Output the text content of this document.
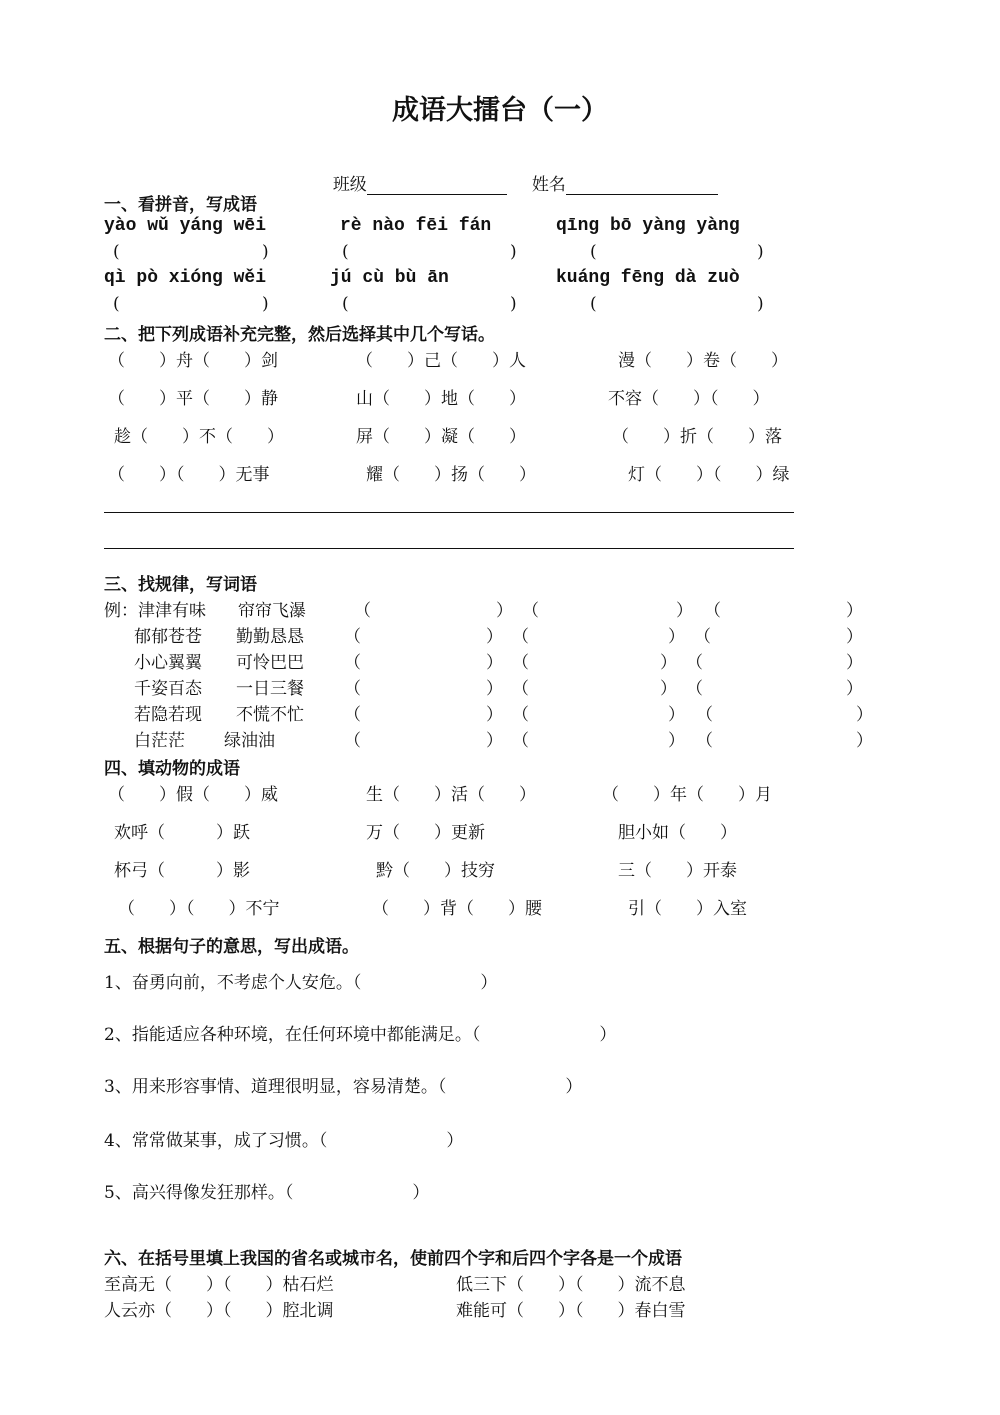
成语大擂台（一）

班级	姓名

一、看拼音，写成语
yào wǔ yáng wēi	rè nào fēi fán	qīng bō yàng yàng
(	)	(	)	(	)
qì pò xióng wěi	jú cù bù ān	kuáng fēng dà zuò
(	)	(	)	(	)
二、把下列成语补充完整，然后选择其中几个写话。
（　　）舟（　　）剑	（　　）己（　　）人	漫（　　）卷（　　）
（　　）平（　　）静	山（　　）地（　　）	不容（　　）（　　）
趁（　　）不（　　）	屏（　　）凝（　　）	（　　）折（　　）落
（　　）（　　）无事	耀（　　）扬（　　）	灯（　　）（　　）绿
三、找规律，写词语
例：津津有味 帘帘飞瀑	（	） （	） （	）
郁郁苍苍 勤勤恳恳 （	） （	） （	）
小心翼翼 可怜巴巴 （	） （	） （	）
千姿百态 一日三餐 （	） （	） （	）
若隐若现 不慌不忙 （	） （	） （	）
白茫茫 绿油油	（	） （	） （	）
四、填动物的成语
（　　）假（　　）威	生（　　）活（　　）	（　　）年（　　）月
欢呼（　　　）跃	万（　　）更新	胆小如（　　）
杯弓（　　　）影	黔（　　）技穷	三（　　）开泰
（　　）（　　）不宁	（　　）背（　　）腰	引（　　）入室
五、根据句子的意思，写出成语。
1、奋勇向前，不考虑个人安危。（　　　　　　　）
2、指能适应各种环境，在任何环境中都能满足。（　　　　　　　）
3、用来形容事情、道理很明显，容易清楚。（　　　　　　　）
4、常常做某事，成了习惯。（　　　　　　　）
5、高兴得像发狂那样。（　　　　　　　）
六、在括号里填上我国的省名或城市名，使前四个字和后四个字各是一个成语
至高无（　　）（　　）枯石烂	低三下（　　）（　　）流不息
人云亦（　　）（　　）腔北调	难能可（　　）（　　）春白雪
